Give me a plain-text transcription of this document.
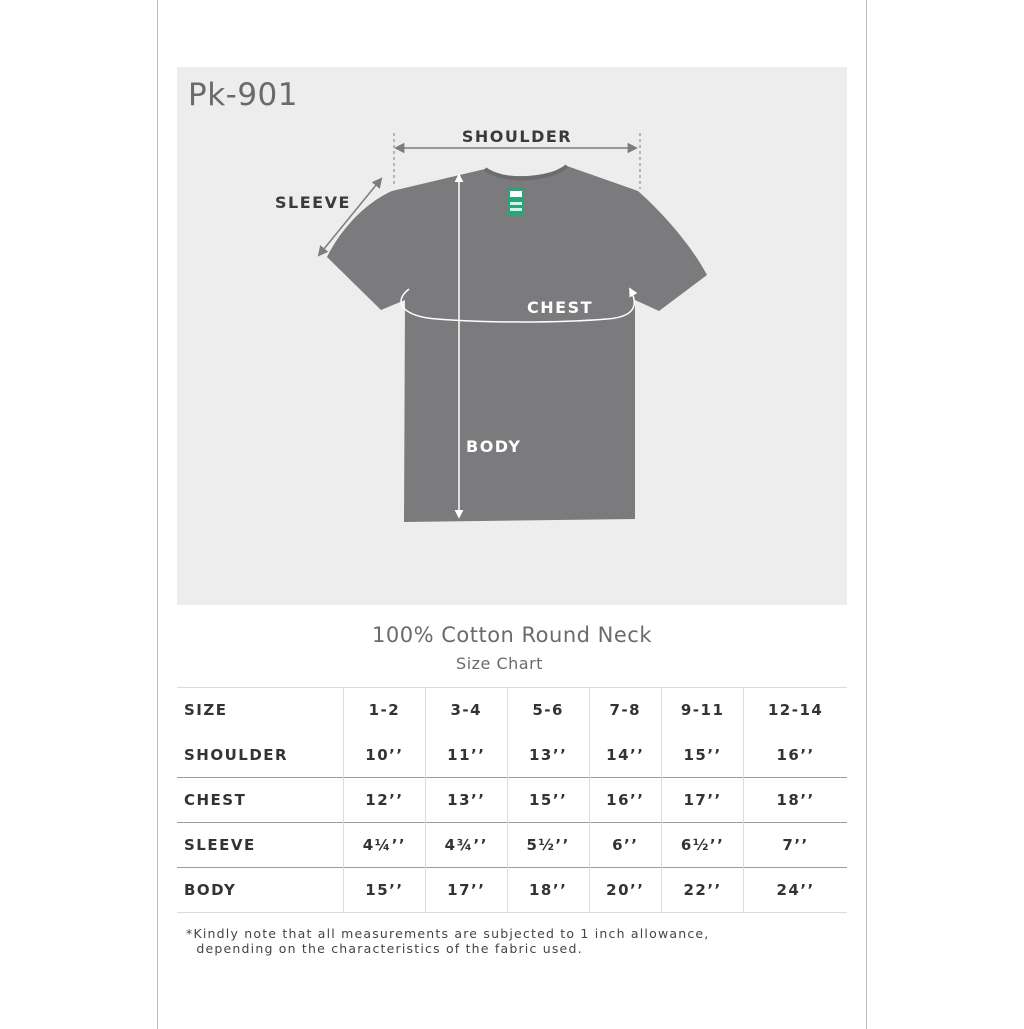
Pk-901
SHOULDER
SLEEVE
CHEST
BODY
100% Cotton Round Neck
Size Chart
SIZE	1-2	3-4	5-6	7-8	9-11	12-14
SHOULDER	10’’	11’’	13’’	14’’	15’’	16’’
CHEST	12’’	13’’	15’’	16’’	17’’	18’’
SLEEVE	4¼’’	4¾’’	5½’’	6’’	6½’’	7’’
BODY	15’’	17’’	18’’	20’’	22’’	24’’
*Kindly note that all measurements are subjected to 1 inch allowance,
depending on the characteristics of the fabric used.
